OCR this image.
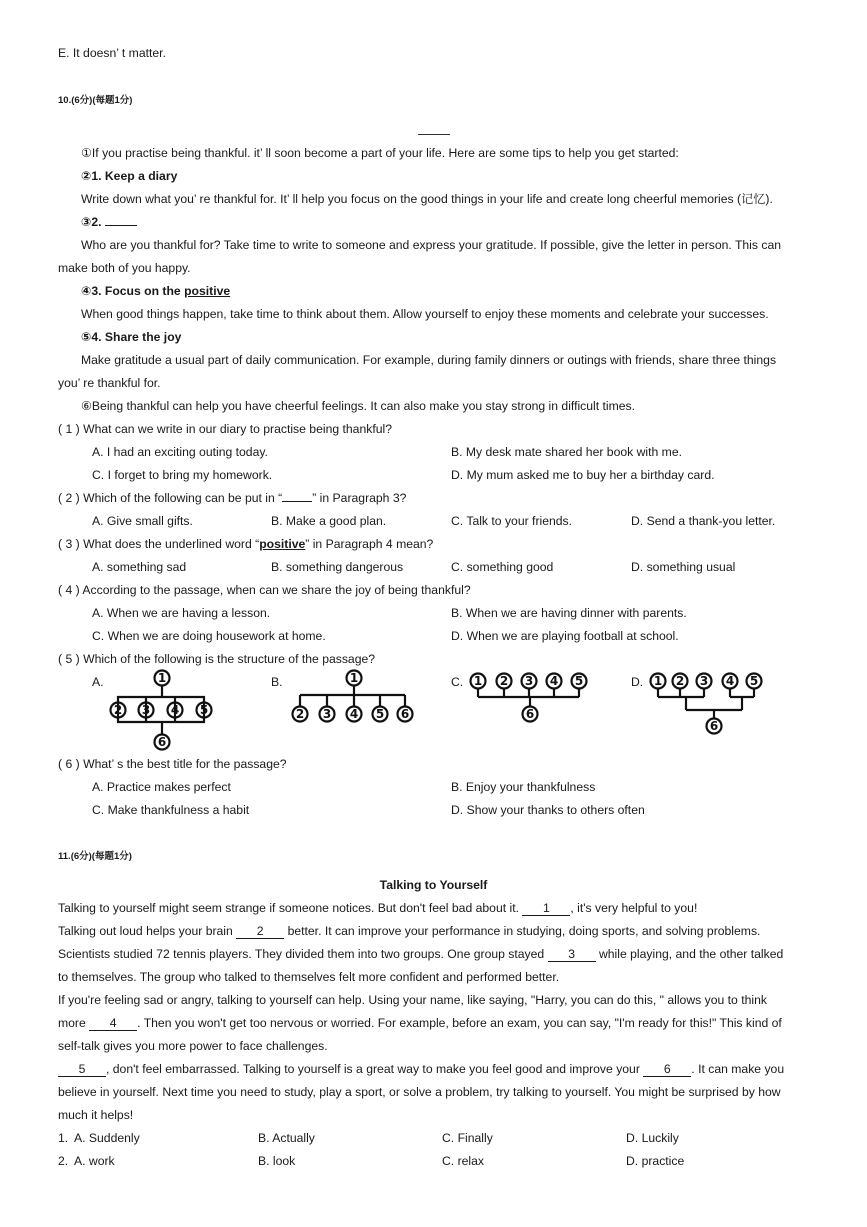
E. It doesn’ t matter.
10.(6分)(每题1分)
①If you practise being thankful. it’ ll soon become a part of your life. Here are some tips to help you get started:
②1. Keep a diary
Write down what you’ re thankful for. It’ ll help you focus on the good things in your life and create long cheerful memories (记忆).
③2.
Who are you thankful for? Take time to write to someone and express your gratitude. If possible, give the letter in person. This can
make both of you happy.
④3. Focus on the positive
When good things happen, take time to think about them. Allow yourself to enjoy these moments and celebrate your successes.
⑤4. Share the joy
Make gratitude a usual part of daily communication. For example, during family dinners or outings with friends, share three things
you’ re thankful for.
⑥Being thankful can help you have cheerful feelings. It can also make you stay strong in difficult times.
( 1 ) What can we write in our diary to practise being thankful?
A. I had an exciting outing today.	B. My desk mate shared her book with me.
C. I forget to bring my homework.	D. My mum asked me to buy her a birthday card.
( 2 ) Which of the following can be put in “ ” in Paragraph 3?
A. Give small gifts.	B. Make a good plan.	C. Talk to your friends.	D. Send a thank-you letter.
( 3 ) What does the underlined word “positive” in Paragraph 4 mean?
A. something sad	B. something dangerous	C. something good	D. something usual
( 4 ) According to the passage, when can we share the joy of being thankful?
A. When we are having a lesson.	B. When we are having dinner with parents.
C. When we are doing housework at home.	D. When we are playing football at school.
( 5 ) Which of the following is the structure of the passage?
A.	B.	C.	D.
1
2 3 4 5
6
1
2 3 4 5 6
1 2 3 4 5
6
1 2 3 4 5
6
( 6 ) What’ s the best title for the passage?
A. Practice makes perfect	B. Enjoy your thankfulness
C. Make thankfulness a habit	D. Show your thanks to others often
11.(6分)(每题1分)
Talking to Yourself
Talking to yourself might seem strange if someone notices. But don't feel bad about it. 1 , it's very helpful to you!
Talking out loud helps your brain 2 better. It can improve your performance in studying, doing sports, and solving problems.
Scientists studied 72 tennis players. They divided them into two groups. One group stayed 3 while playing, and the other talked
to themselves. The group who talked to themselves felt more confident and performed better.
If you're feeling sad or angry, talking to yourself can help. Using your name, like saying, "Harry, you can do this, " allows you to think
more 4 . Then you won't get too nervous or worried. For example, before an exam, you can say, "I'm ready for this!" This kind of
self-talk gives you more power to face challenges.
5 , don't feel embarrassed. Talking to yourself is a great way to make you feel good and improve your 6 . It can make you
believe in yourself. Next time you need to study, play a sport, or solve a problem, try talking to yourself. You might be surprised by how
much it helps!
1. A. Suddenly	B. Actually	C. Finally	D. Luckily
2. A. work	B. look	C. relax	D. practice
